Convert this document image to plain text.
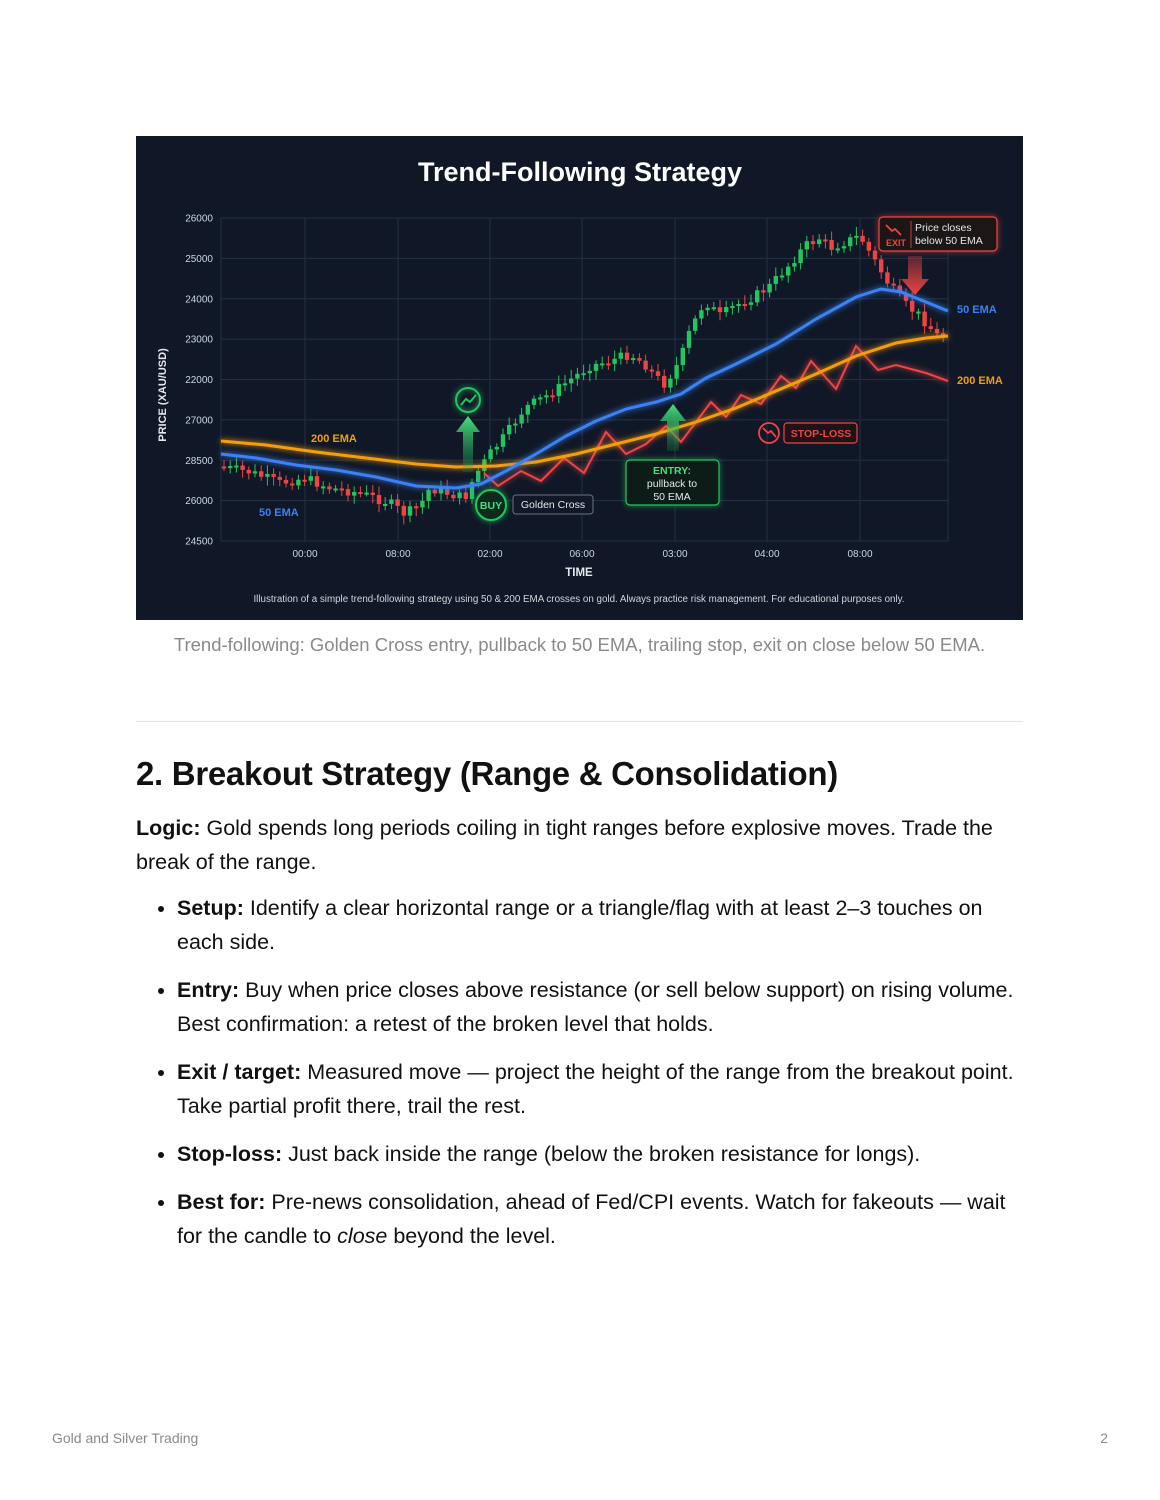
Trend-Following Strategy
26000
25000
24000
23000
22000
27000
28500
26000
24500
00:00	08:00	02:00	06:00	03:00	04:00	08:00
PRICE (XAU/USD)
TIME
200 EMA
50 EMA
50 EMA
200 EMA
BUY Golden Cross
ENTRY:
pullback to
50 EMA
STOP-LOSS
EXIT
Price closes
below 50 EMA
Illustration of a simple trend-following strategy using 50 & 200 EMA crosses on gold. Always practice risk management. For educational purposes only.
Trend-following: Golden Cross entry, pullback to 50 EMA, trailing stop, exit on close below 50 EMA.
2. Breakout Strategy (Range & Consolidation)

Logic: Gold spends long periods coiling in tight ranges before explosive moves. Trade the break of the range.

• Setup: Identify a clear horizontal range or a triangle/flag with at least 2–3 touches on each side.
• Entry: Buy when price closes above resistance (or sell below support) on rising volume. Best confirmation: a retest of the broken level that holds.
• Exit / target: Measured move — project the height of the range from the breakout point. Take partial profit there, trail the rest.
• Stop-loss: Just back inside the range (below the broken resistance for longs).
• Best for: Pre-news consolidation, ahead of Fed/CPI events. Watch for fakeouts — wait for the candle to close beyond the level.
Gold and Silver Trading	2
